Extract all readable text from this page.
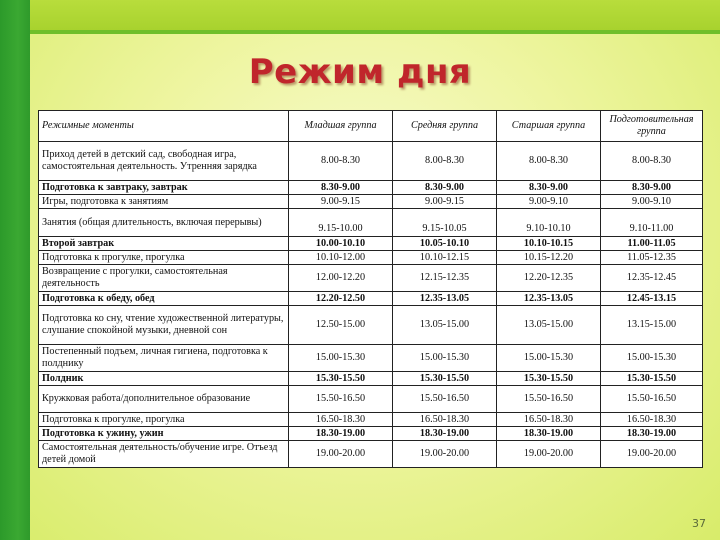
Режим дня
Режимные моменты	Младшая группа	Средняя группа	Старшая группа	Подготовительная группа
Приход детей в детский сад, свободная игра, самостоятельная деятельность. Утренняя зарядка	8.00-8.30	8.00-8.30	8.00-8.30	8.00-8.30
Подготовка к завтраку, завтрак	8.30-9.00	8.30-9.00	8.30-9.00	8.30-9.00
Игры, подготовка к занятиям	9.00-9.15	9.00-9.15	9.00-9.10	9.00-9.10
Занятия (общая длительность, включая перерывы)	9.15-10.00	9.15-10.05	9.10-10.10	9.10-11.00
Второй завтрак	10.00-10.10	10.05-10.10	10.10-10.15	11.00-11.05
Подготовка к прогулке, прогулка	10.10-12.00	10.10-12.15	10.15-12.20	11.05-12.35
Возвращение с прогулки, самостоятельная деятельность	12.00-12.20	12.15-12.35	12.20-12.35	12.35-12.45
Подготовка к обеду, обед	12.20-12.50	12.35-13.05	12.35-13.05	12.45-13.15
Подготовка ко сну, чтение художественной литературы, слушание спокойной музыки, дневной сон	12.50-15.00	13.05-15.00	13.05-15.00	13.15-15.00
Постепенный подъем, личная гигиена, подготовка к полднику	15.00-15.30	15.00-15.30	15.00-15.30	15.00-15.30
Полдник	15.30-15.50	15.30-15.50	15.30-15.50	15.30-15.50
Кружковая работа/дополнительное образование	15.50-16.50	15.50-16.50	15.50-16.50	15.50-16.50
Подготовка к прогулке, прогулка	16.50-18.30	16.50-18.30	16.50-18.30	16.50-18.30
Подготовка к ужину, ужин	18.30-19.00	18.30-19.00	18.30-19.00	18.30-19.00
Самостоятельная деятельность/обучение игре. Отъезд детей домой	19.00-20.00	19.00-20.00	19.00-20.00	19.00-20.00
37
